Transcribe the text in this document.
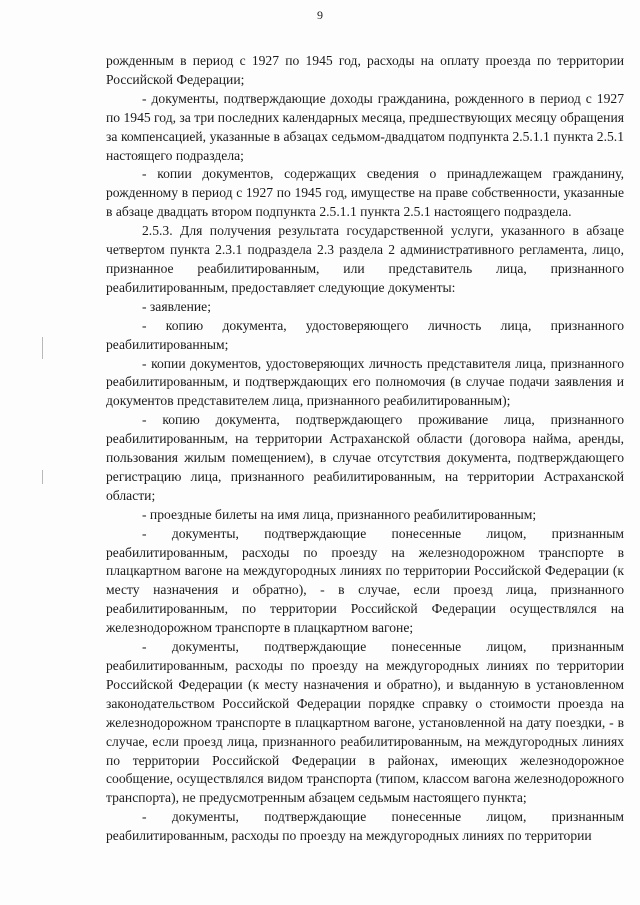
9

рожденным в период с 1927 по 1945 год, расходы на оплату проезда по территории Российской Федерации;

- документы, подтверждающие доходы гражданина, рожденного в период с 1927 по 1945 год, за три последних календарных месяца, предшествующих месяцу обращения за компенсацией, указанные в абзацах седьмом-двадцатом подпункта 2.5.1.1 пункта 2.5.1 настоящего подраздела;

- копии документов, содержащих сведения о принадлежащем гражданину, рожденному в период с 1927 по 1945 год, имуществе на праве собственности, указанные в абзаце двадцать втором подпункта 2.5.1.1 пункта 2.5.1 настоящего подраздела.

2.5.3. Для получения результата государственной услуги, указанного в абзаце четвертом пункта 2.3.1 подраздела 2.3 раздела 2 административного регламента, лицо, признанное реабилитированным, или представитель лица, признанного реабилитированным, предоставляет следующие документы:

- заявление;

- копию документа, удостоверяющего личность лица, признанного реабилитированным;

- копии документов, удостоверяющих личность представителя лица, признанного реабилитированным, и подтверждающих его полномочия (в случае подачи заявления и документов представителем лица, признанного реабилитированным);

- копию документа, подтверждающего проживание лица, признанного реабилитированным, на территории Астраханской области (договора найма, аренды, пользования жилым помещением), в случае отсутствия документа, подтверждающего регистрацию лица, признанного реабилитированным, на территории Астраханской области;

- проездные билеты на имя лица, признанного реабилитированным;

- документы, подтверждающие понесенные лицом, признанным реабилитированным, расходы по проезду на железнодорожном транспорте в плацкартном вагоне на междугородных линиях по территории Российской Федерации (к месту назначения и обратно), - в случае, если проезд лица, признанного реабилитированным, по территории Российской Федерации осуществлялся на железнодорожном транспорте в плацкартном вагоне;

- документы, подтверждающие понесенные лицом, признанным реабилитированным, расходы по проезду на междугородных линиях по территории Российской Федерации (к месту назначения и обратно), и выданную в установленном законодательством Российской Федерации порядке справку о стоимости проезда на железнодорожном транспорте в плацкартном вагоне, установленной на дату поездки, - в случае, если проезд лица, признанного реабилитированным, на междугородных линиях по территории Российской Федерации в районах, имеющих железнодорожное сообщение, осуществлялся видом транспорта (типом, классом вагона железнодорожного транспорта), не предусмотренным абзацем седьмым настоящего пункта;

- документы, подтверждающие понесенные лицом, признанным реабилитированным, расходы по проезду на междугородных линиях по территории
